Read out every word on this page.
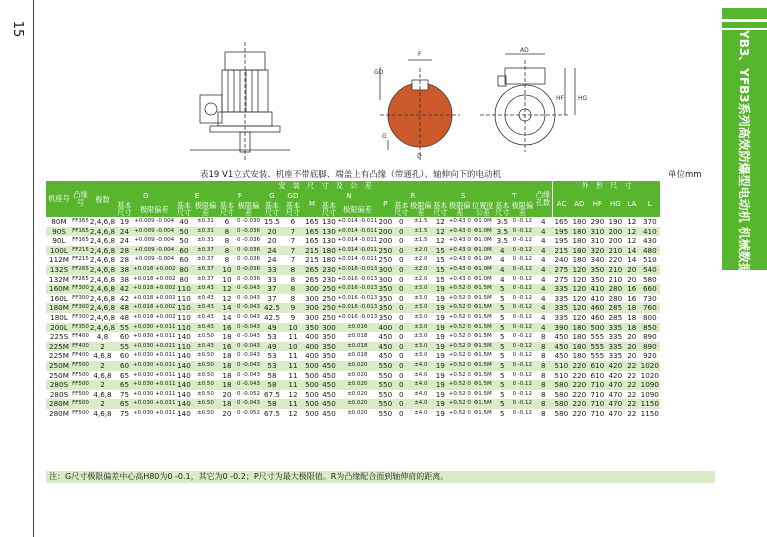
15
YB3、YFB3系列高效防爆型电动机 机械数据
GD
F
G
D
AD
HF HG
表19 V1立式安装、机座不带底脚、端盖上有凸缘（带通孔）、轴伸向下的电动机	单位mm
机座号	凸缘号	极数	安　装　尺　寸　及　公　差																			凸缘孔数	外　形　尺　寸					
			D		E		F		G	GD	M	N		P	R		S			T			AC	AD	HF	HG	LA	L
			基本尺寸	极限偏差	基本尺寸	极限偏差	基本尺寸	极限偏差	基本尺寸	基本尺寸		基本尺寸	极限偏差		基本尺寸	极限偏差	基本尺寸	极限偏差	位置度公差	基本尺寸	极限偏差							
80M	FF165	2,4,6,8	19	+0.009 -0.004	40	±0.31	6	0 -0.030	15.5	6	165	130	+0.014 -0.011	200	0	±1.5	12	+0.43 0	Φ1.0M	3.5	0 -0.12	4	165	180	290	190	12	370
90S	FF165	2,4,6,8	24	+0.009 -0.004	50	±0.31	8	0 -0.036	20	7	165	130	+0.014 -0.011	200	0	±1.5	12	+0.43 0	Φ1.0M	3.5	0 -0.12	4	195	180	310	200	12	410
90L	FF165	2,4,6,8	24	+0.009 -0.004	50	±0.31	8	0 -0.036	20	7	165	130	+0.014 -0.011	200	0	±1.5	12	+0.43 0	Φ1.0M	3.5	0 -0.12	4	195	180	310	200	12	430
100L	FF215	2,4,6,8	28	+0.009 -0.004	60	±0.37	8	0 -0.036	24	7	215	180	+0.014 -0.011	250	0	±2.0	15	+0.43 0	Φ1.0M	4	0 -0.12	4	215	180	320	210	14	480
112M	FF215	2,4,6,8	28	+0.009 -0.004	60	±0.37	8	0 -0.036	24	7	215	180	+0.014 -0.011	250	0	±2.0	15	+0.43 0	Φ1.0M	4	0 -0.12	4	240	180	340	220	14	510
132S	FF265	2,4,6,8	38	+0.018 +0.002	80	±0.37	10	0 -0.036	33	8	265	230	+0.016 -0.013	300	0	±2.0	15	+0.43 0	Φ1.0M	4	0 -0.12	4	275	120	350	210	20	540
132M	FF265	2,4,6,8	38	+0.018 +0.002	80	±0.37	10	0 -0.036	33	8	265	230	+0.016 -0.013	300	0	±2.0	15	+0.43 0	Φ1.0M	4	0 -0.12	4	275	120	350	210	20	580
160M	FF300	2,4,6,8	42	+0.018 +0.002	110	±0.43	12	0 -0.043	37	8	300	250	+0.016 -0.013	350	0	±3.0	19	+0.52 0	Φ1.5M	5	0 -0.12	4	335	120	410	280	16	660
160L	FF300	2,4,6,8	42	+0.018 +0.002	110	±0.43	12	0 -0.043	37	8	300	250	+0.016 -0.013	350	0	±3.0	19	+0.52 0	Φ1.5M	5	0 -0.12	4	335	120	410	280	16	730
180M	FF300	2,4,6,8	48	+0.018 +0.002	110	±0.43	14	0 -0.043	42.5	9	300	250	+0.016 -0.013	350	0	±3.0	19	+0.52 0	Φ1.5M	5	0 -0.12	4	335	120	460	285	18	760
180L	FF300	2,4,6,8	48	+0.018 +0.002	110	±0.43	14	0 -0.043	42.5	9	300	250	+0.016 -0.013	350	0	±3.0	19	+0.52 0	Φ1.5M	5	0 -0.12	4	335	120	460	285	18	800
200L	FF350	2,4,6,8	55	+0.030 +0.011	110	±0.43	16	0 -0.043	49	10	350	300	±0.016	400	0	±3.0	19	+0.52 0	Φ1.5M	5	0 -0.12	4	390	180	500	335	18	850
225S	FF400	4,8	60	+0.030 +0.011	140	±0.50	18	0 -0.043	53	11	400	350	±0.018	450	0	±3.0	19	+0.52 0	Φ1.5M	5	0 -0.12	8	450	180	555	335	20	890
225M	FF400	2	55	+0.030 +0.011	110	±0.43	16	0 -0.043	49	10	400	350	±0.018	450	0	±3.0	19	+0.52 0	Φ1.5M	5	0 -0.12	8	450	180	555	335	20	890
225M	FF400	4,6,8	60	+0.030 +0.011	140	±0.50	18	0 -0.043	53	11	400	350	±0.018	450	0	±3.0	19	+0.52 0	Φ1.5M	5	0 -0.12	8	450	180	555	335	20	920
250M	FF500	2	60	+0.030 +0.011	140	±0.50	18	0 -0.043	53	11	500	450	±0.020	550	0	±4.0	19	+0.52 0	Φ1.5M	5	0 -0.12	8	510	220	610	420	22	1020
250M	FF500	4,6,8	65	+0.030 +0.011	140	±0.50	18	0 -0.043	58	11	500	450	±0.020	550	0	±4.0	19	+0.52 0	Φ1.5M	5	0 -0.12	8	510	220	610	420	22	1020
280S	FF500	2	65	+0.030 +0.011	140	±0.50	18	0 -0.043	58	11	500	450	±0.020	550	0	±4.0	19	+0.52 0	Φ1.5M	5	0 -0.12	8	580	220	710	470	22	1090
280S	FF500	4,6,8	75	+0.030 +0.011	140	±0.50	20	0 -0.052	67.5	12	500	450	±0.020	550	0	±4.0	19	+0.52 0	Φ1.5M	5	0 -0.12	8	580	220	710	470	22	1090
280M	FF500	2	65	+0.030 +0.011	140	±0.50	18	0 -0.043	58	11	500	450	±0.020	550	0	±4.0	19	+0.52 0	Φ1.5M	5	0 -0.12	8	580	220	710	470	22	1150
280M	FF500	4,6,8	75	+0.030 +0.011	140	±0.50	20	0 -0.052	67.5	12	500	450	±0.020	550	0	±4.0	19	+0.52 0	Φ1.5M	5	0 -0.12	8	580	220	710	470	22	1150
注：G尺寸极限偏差中心高H80为0 -0.1，其它为0 -0.2；P尺寸为最大极限值。R为凸缘配合面到轴伸肩的距离。
